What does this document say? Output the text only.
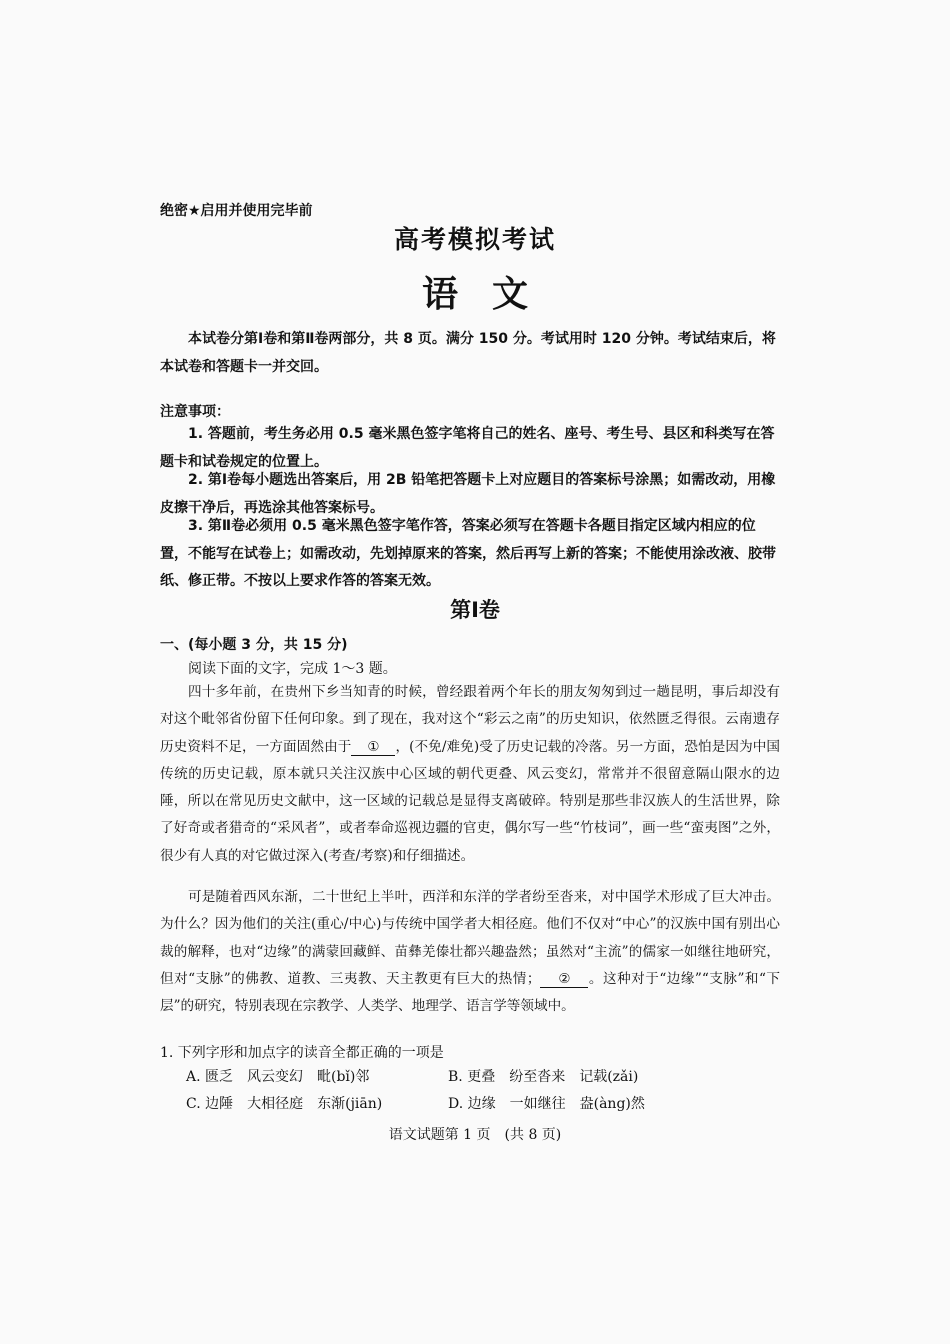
绝密★启用并使用完毕前
高考模拟考试
语文
本试卷分第Ⅰ卷和第Ⅱ卷两部分，共 8 页。满分 150 分。考试用时 120 分钟。考试结束后，将本试卷和答题卡一并交回。
注意事项：
1. 答题前，考生务必用 0.5 毫米黑色签字笔将自己的姓名、座号、考生号、县区和科类写在答题卡和试卷规定的位置上。
2. 第Ⅰ卷每小题选出答案后，用 2B 铅笔把答题卡上对应题目的答案标号涂黑；如需改动，用橡皮擦干净后，再选涂其他答案标号。
3. 第Ⅱ卷必须用 0.5 毫米黑色签字笔作答，答案必须写在答题卡各题目指定区域内相应的位置，不能写在试卷上；如需改动，先划掉原来的答案，然后再写上新的答案；不能使用涂改液、胶带纸、修正带。不按以上要求作答的答案无效。
第Ⅰ卷
一、(每小题 3 分，共 15 分)
阅读下面的文字，完成 1～3 题。
四十多年前，在贵州下乡当知青的时候，曾经跟着两个年长的朋友匆匆到过一趟昆明，事后却没有对这个毗邻省份留下任何印象。到了现在，我对这个“彩云之南”的历史知识，依然匮乏得很。云南遗存历史资料不足，一方面固然由于 ① ，(不免/难免)受了历史记载的冷落。另一方面，恐怕是因为中国传统的历史记载，原本就只关注汉族中心区域的朝代更叠、风云变幻，常常并不很留意隔山限水的边陲，所以在常见历史文献中，这一区域的记载总是显得支离破碎。特别是那些非汉族人的生活世界，除了好奇或者猎奇的“采风者”，或者奉命巡视边疆的官吏，偶尔写一些“竹枝词”，画一些“蛮夷图”之外，很少有人真的对它做过深入(考查/考察)和仔细描述。
可是随着西风东渐，二十世纪上半叶，西洋和东洋的学者纷至沓来，对中国学术形成了巨大冲击。为什么？因为他们的关注(重心/中心)与传统中国学者大相径庭。他们不仅对“中心”的汉族中国有别出心裁的解释，也对“边缘”的满蒙回藏鲜、苗彝羌傣壮都兴趣盎然；虽然对“主流”的儒家一如继往地研究，但对“支脉”的佛教、道教、三夷教、天主教更有巨大的热情； ② 。这种对于“边缘”“支脉”和“下层”的研究，特别表现在宗教学、人类学、地理学、语言学等领域中。
1. 下列字形和加点字的读音全都正确的一项是
A. 匮乏　风云变幻　毗(bǐ)邻	B. 更叠　纷至沓来　记载(zǎi)
C. 边陲　大相径庭　东渐(jiān)	D. 边缘　一如继往　盎(àng)然
语文试题第 1 页　(共 8 页)
